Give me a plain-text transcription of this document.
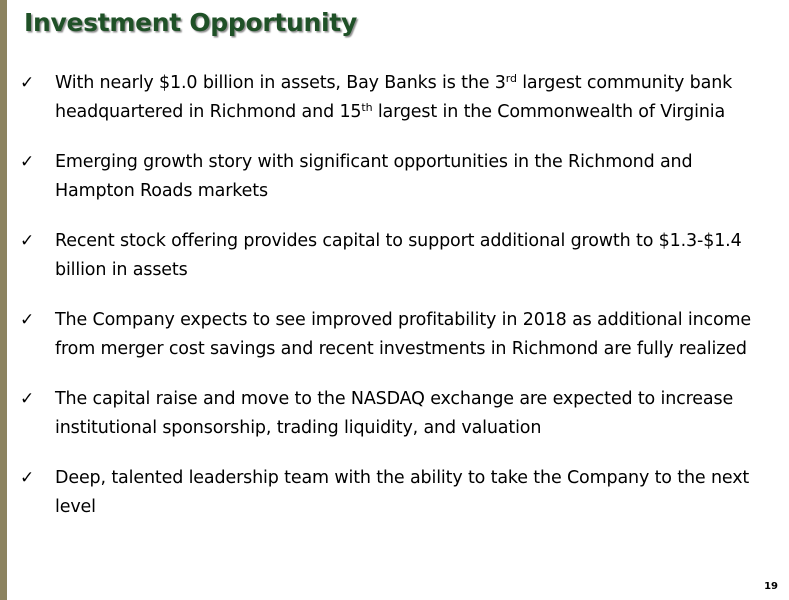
Investment Opportunity
✓ With nearly $1.0 billion in assets, Bay Banks is the 3rd largest community bank headquartered in Richmond and 15th largest in the Commonwealth of Virginia
✓ Emerging growth story with significant opportunities in the Richmond and Hampton Roads markets
✓ Recent stock offering provides capital to support additional growth to $1.3-$1.4 billion in assets
✓ The Company expects to see improved profitability in 2018 as additional income from merger cost savings and recent investments in Richmond are fully realized
✓ The capital raise and move to the NASDAQ exchange are expected to increase institutional sponsorship, trading liquidity, and valuation
✓ Deep, talented leadership team with the ability to take the Company to the next level
19
